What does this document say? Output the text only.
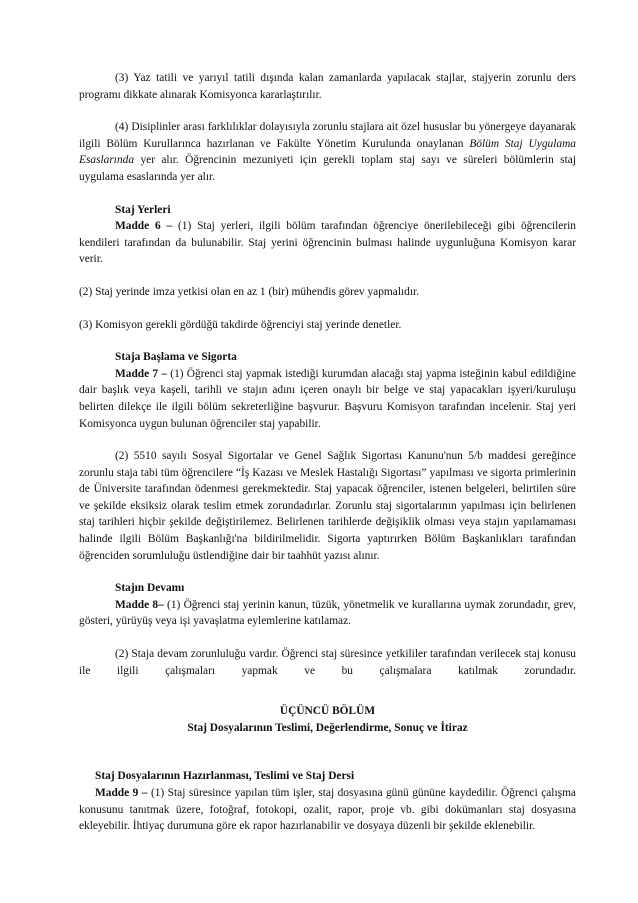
(3) Yaz tatili ve yarıyıl tatili dışında kalan zamanlarda yapılacak stajlar, stajyerin zorunlu ders programı dikkate alınarak Komisyonca kararlaştırılır.

(4) Disiplinler arası farklılıklar dolayısıyla zorunlu stajlara ait özel hususlar bu yönergeye dayanarak ilgili Bölüm Kurullarınca hazırlanan ve Fakülte Yönetim Kurulunda onaylanan Bölüm Staj Uygulama Esaslarında yer alır. Öğrencinin mezuniyeti için gerekli toplam staj sayı ve süreleri bölümlerin staj uygulama esaslarında yer alır.

Staj Yerleri

Madde 6 – (1) Staj yerleri, ilgili bölüm tarafından öğrenciye önerilebileceği gibi öğrencilerin kendileri tarafından da bulunabilir. Staj yerini öğrencinin bulması halinde uygunluğuna Komisyon karar verir.

(2) Staj yerinde imza yetkisi olan en az 1 (bir) mühendis görev yapmalıdır.

(3) Komisyon gerekli gördüğü takdirde öğrenciyi staj yerinde denetler.

Staja Başlama ve Sigorta

Madde 7 – (1) Öğrenci staj yapmak istediği kurumdan alacağı staj yapma isteğinin kabul edildiğine dair başlık veya kaşeli, tarihli ve stajın adını içeren onaylı bir belge ve staj yapacakları işyeri/kuruluşu belirten dilekçe ile ilgili bölüm sekreterliğine başvurur. Başvuru Komisyon tarafından incelenir. Staj yeri Komisyonca uygun bulunan öğrenciler staj yapabilir.

(2) 5510 sayılı Sosyal Sigortalar ve Genel Sağlık Sigortası Kanunu'nun 5/b maddesi gereğince zorunlu staja tabi tüm öğrencilere “İş Kazası ve Meslek Hastalığı Sigortası” yapılması ve sigorta primlerinin de Üniversite tarafından ödenmesi gerekmektedir. Staj yapacak öğrenciler, istenen belgeleri, belirtilen süre ve şekilde eksiksiz olarak teslim etmek zorundadırlar. Zorunlu staj sigortalarının yapılması için belirlenen staj tarihleri hiçbir şekilde değiştirilemez. Belirlenen tarihlerde değişiklik olması veya stajın yapılamaması halinde ilgili Bölüm Başkanlığı'na bildirilmelidir. Sigorta yaptırırken Bölüm Başkanlıkları tarafından öğrenciden sorumluluğu üstlendiğine dair bir taahhüt yazısı alınır.

Stajın Devamı

Madde 8– (1) Öğrenci staj yerinin kanun, tüzük, yönetmelik ve kurallarına uymak zorundadır, grev, gösteri, yürüyüş veya işi yavaşlatma eylemlerine katılamaz.

(2) Staja devam zorunluluğu vardır. Öğrenci staj süresince yetkililer tarafından verilecek staj konusu ile ilgili çalışmaları yapmak ve bu çalışmalara katılmak zorundadır.

ÜÇÜNCÜ BÖLÜM
Staj Dosyalarının Teslimi, Değerlendirme, Sonuç ve İtiraz
Staj Dosyalarının Hazırlanması, Teslimi ve Staj Dersi

Madde 9 – (1) Staj süresince yapılan tüm işler, staj dosyasına günü gününe kaydedilir. Öğrenci çalışma konusunu tanıtmak üzere, fotoğraf, fotokopi, ozalit, rapor, proje vb. gibi dokümanları staj dosyasına ekleyebilir. İhtiyaç durumuna göre ek rapor hazırlanabilir ve dosyaya düzenli bir şekilde eklenebilir.
